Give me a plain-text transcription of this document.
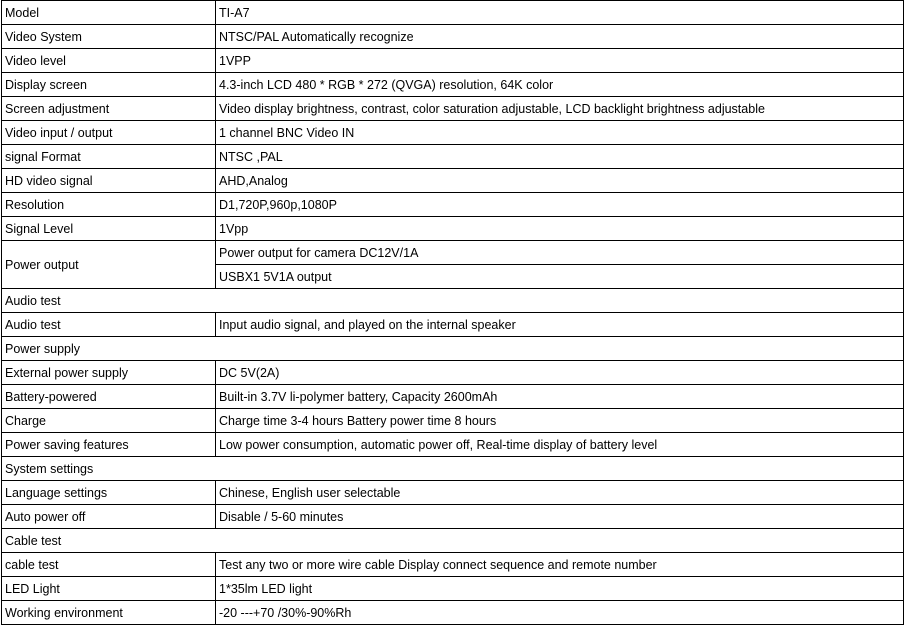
Model	TI-A7
Video System	NTSC/PAL Automatically recognize
Video level	1VPP
Display screen	4.3-inch LCD 480 * RGB * 272 (QVGA) resolution, 64K color
Screen adjustment	Video display brightness, contrast, color saturation adjustable, LCD backlight brightness adjustable
Video input / output	1 channel BNC Video IN
signal Format	NTSC ,PAL
HD video signal	AHD,Analog
Resolution	D1,720P,960p,1080P
Signal Level	1Vpp
Power output	Power output for camera DC12V/1A
	USBX1 5V1A output
Audio test	
Audio test	Input audio signal, and played on the internal speaker
Power supply	
External power supply	DC 5V(2A)
Battery-powered	Built-in 3.7V li-polymer battery, Capacity 2600mAh
Charge	Charge time 3-4 hours Battery power time 8 hours
Power saving features	Low power consumption, automatic power off, Real-time display of battery level
System settings	
Language settings	Chinese, English user selectable
Auto power off	Disable / 5-60 minutes
Cable test	
cable test	Test any two or more wire cable Display connect sequence and remote number
LED Light	1*35lm LED light
Working environment	-20 ---+70 /30%-90%Rh
